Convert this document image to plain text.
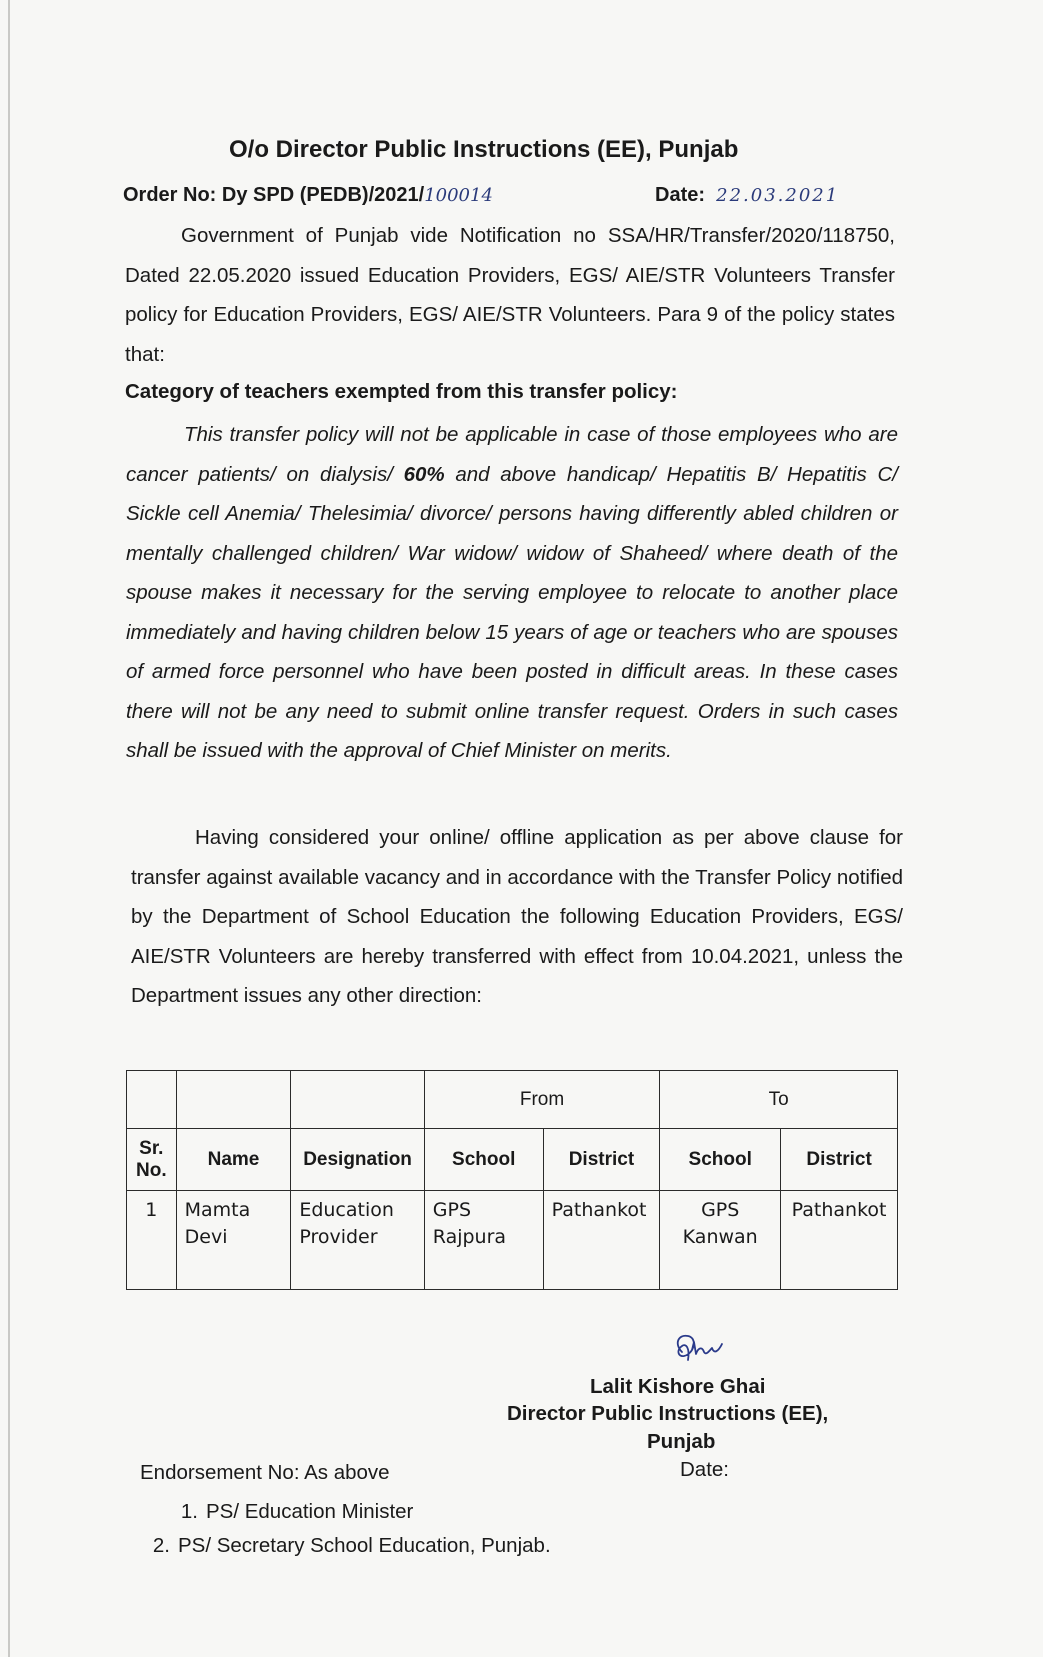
O/o Director Public Instructions (EE), Punjab
Order No: Dy SPD (PEDB)/2021/100014	Date: 22.03.2021
Government of Punjab vide Notification no SSA/HR/Transfer/2020/118750, Dated 22.05.2020 issued Education Providers, EGS/ AIE/STR Volunteers Transfer policy for Education Providers, EGS/ AIE/STR Volunteers. Para 9 of the policy states that:
Category of teachers exempted from this transfer policy:
This transfer policy will not be applicable in case of those employees who are cancer patients/ on dialysis/ 60% and above handicap/ Hepatitis B/ Hepatitis C/ Sickle cell Anemia/ Thelesimia/ divorce/ persons having differently abled children or mentally challenged children/ War widow/ widow of Shaheed/ where death of the spouse makes it necessary for the serving employee to relocate to another place immediately and having children below 15 years of age or teachers who are spouses of armed force personnel who have been posted in difficult areas. In these cases there will not be any need to submit online transfer request. Orders in such cases shall be issued with the approval of Chief Minister on merits.
Having considered your online/ offline application as per above clause for transfer against available vacancy and in accordance with the Transfer Policy notified by the Department of School Education the following Education Providers, EGS/ AIE/STR Volunteers are hereby transferred with effect from 10.04.2021, unless the Department issues any other direction:
			From		To	
Sr. No.	Name	Designation	School	District	School	District
1	Mamta Devi	Education Provider	GPS Rajpura	Pathankot	GPS Kanwan	Pathankot
Lalit Kishore Ghai
Director Public Instructions (EE),
Punjab
Date:
Endorsement No: As above
1. PS/ Education Minister
2. PS/ Secretary School Education, Punjab.
